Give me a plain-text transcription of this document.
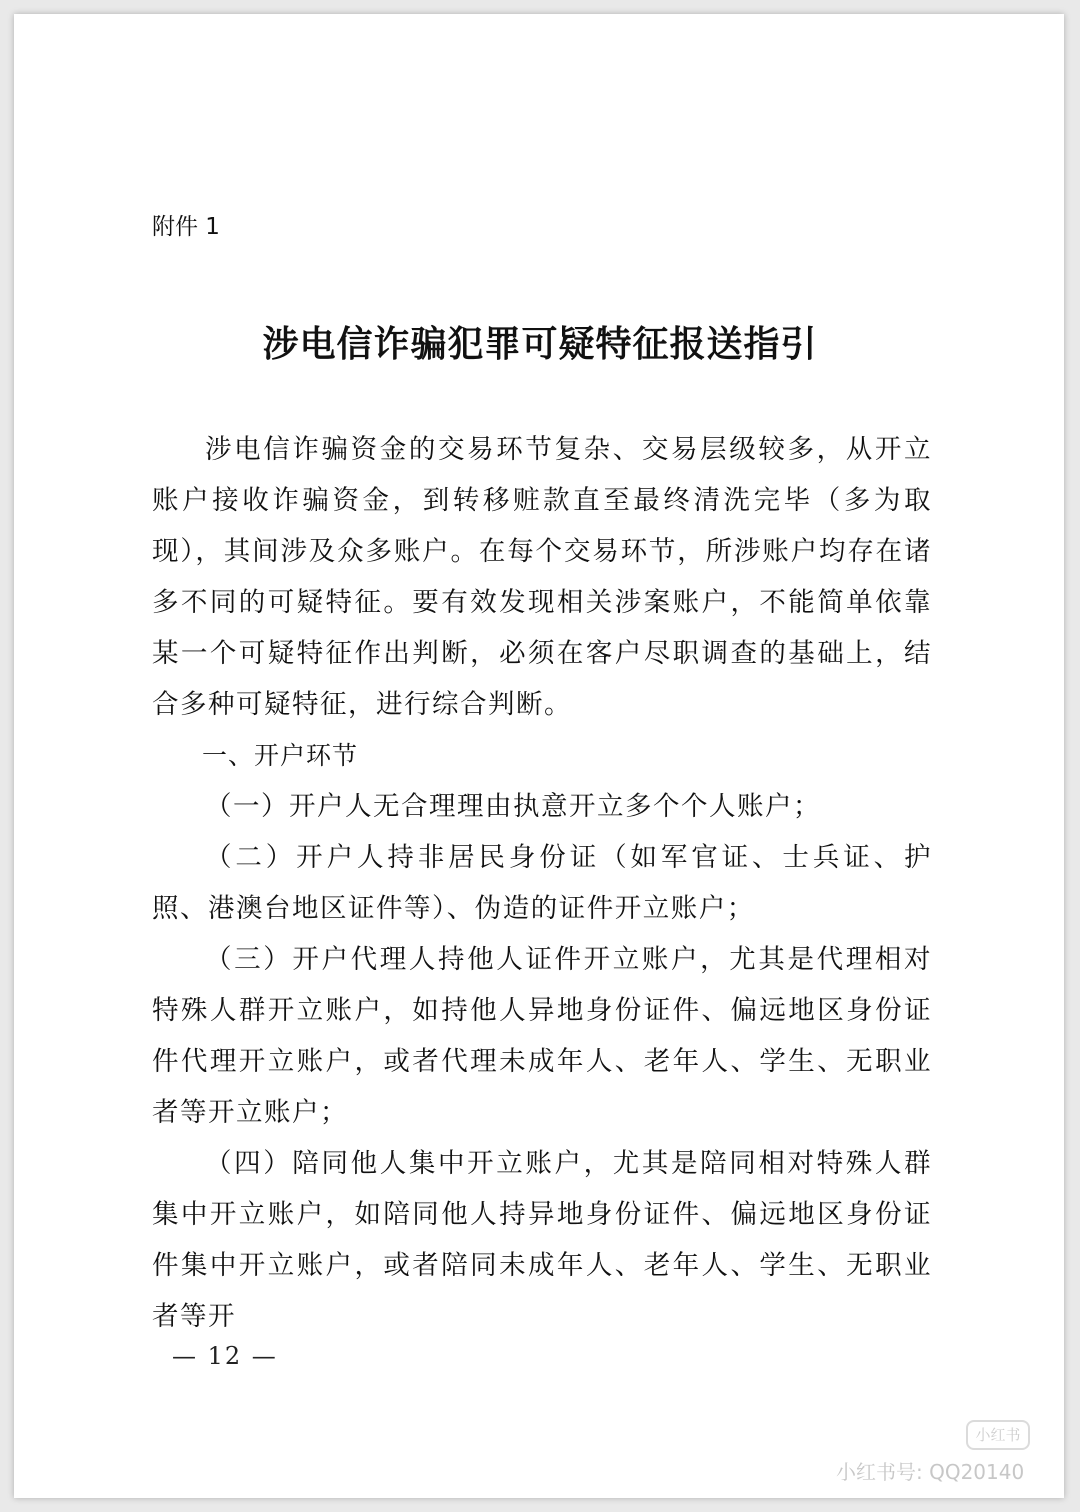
附件 1
涉电信诈骗犯罪可疑特征报送指引

涉电信诈骗资金的交易环节复杂、交易层级较多，从开立账户接收诈骗资金，到转移赃款直至最终清洗完毕（多为取现），其间涉及众多账户。在每个交易环节，所涉账户均存在诸多不同的可疑特征。要有效发现相关涉案账户，不能简单依靠某一个可疑特征作出判断，必须在客户尽职调查的基础上，结合多种可疑特征，进行综合判断。

一、开户环节

（一）开户人无合理理由执意开立多个个人账户；

（二）开户人持非居民身份证（如军官证、士兵证、护照、港澳台地区证件等）、伪造的证件开立账户；

（三）开户代理人持他人证件开立账户，尤其是代理相对特殊人群开立账户，如持他人异地身份证件、偏远地区身份证件代理开立账户，或者代理未成年人、老年人、学生、无职业者等开立账户；

（四）陪同他人集中开立账户，尤其是陪同相对特殊人群集中开立账户，如陪同他人持异地身份证件、偏远地区身份证件集中开立账户，或者陪同未成年人、老年人、学生、无职业者等开

— 12 —
小红书
小红书号: QQ20140
